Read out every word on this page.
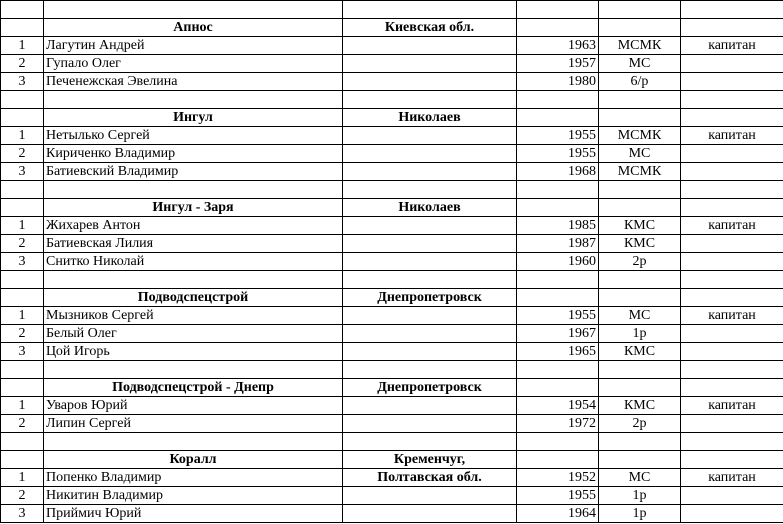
	Апнос	Киевская обл.			
1	Лагутин Андрей		1963	МСМК	капитан
2	Гупало Олег		1957	МС	
3	Печенежская Эвелина		1980	6/р	

	Ингул	Николаев			
1	Нетылько Сергей		1955	МСМК	капитан
2	Кириченко Владимир		1955	МС	
3	Батиевский Владимир		1968	МСМК	

	Ингул - Заря	Николаев			
1	Жихарев Антон		1985	КМС	капитан
2	Батиевская Лилия		1987	КМС	
3	Снитко Николай		1960	2р	

	Подводспецстрой	Днепропетровск			
1	Мызников Сергей		1955	МС	капитан
2	Белый Олег		1967	1р	
3	Цой Игорь		1965	КМС	

	Подводспецстрой - Днепр	Днепропетровск			
1	Уваров Юрий		1954	КМС	капитан
2	Липин Сергей		1972	2р	

	Коралл	Кременчуг,			
1	Попенко Владимир	Полтавская обл.	1952	МС	капитан
2	Никитин Владимир		1955	1р	
3	Приймич Юрий		1964	1р	
